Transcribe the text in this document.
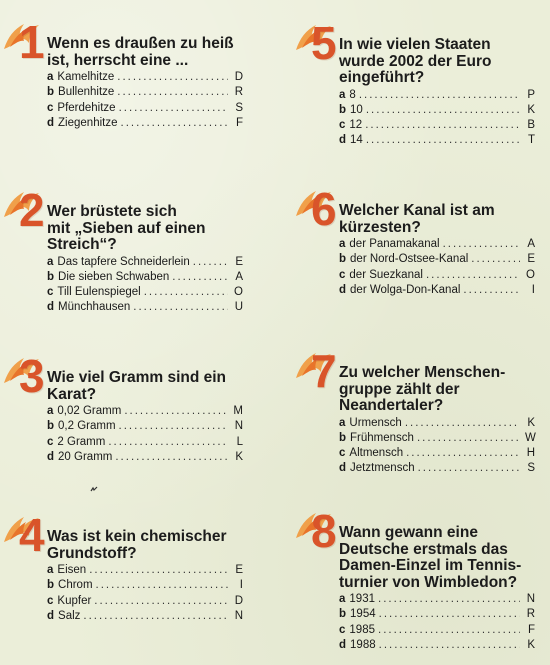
1 Wenn es draußen zu heiß
ist, herrscht eine ...
a Kamelhitze .....	D
b Bullenhitze .....	R
c Pferdehitze .....	S
d Ziegenhitze .....	F
2 Wer brüstete sich
mit „Sieben auf einen
Streich“?
a Das tapfere Schneiderlein .....	E
b Die sieben Schwaben .....	A
c Till Eulenspiegel .....	O
d Münchhausen .....	U
3 Wie viel Gramm sind ein
Karat?
a 0,02 Gramm .....	M
b 0,2 Gramm .....	N
c 2 Gramm .....	L
d 20 Gramm .....	K
4 Was ist kein chemischer
Grundstoff?
a Eisen .....	E
b Chrom .....	I
c Kupfer .....	D
d Salz .....	N
5 In wie vielen Staaten
wurde 2002 der Euro
eingeführt?
a 8 .....	P
b 10 .....	K
c 12 .....	B
d 14 .....	T
6 Welcher Kanal ist am
kürzesten?
a der Panamakanal .....	A
b der Nord-Ostsee-Kanal .....	E
c der Suezkanal .....	O
d der Wolga-Don-Kanal .....	I
7 Zu welcher Menschen-
gruppe zählt der
Neandertaler?
a Urmensch .....	K
b Frühmensch .....	W
c Altmensch .....	H
d Jetztmensch .....	S
8 Wann gewann eine
Deutsche erstmals das
Damen-Einzel im Tennis-
turnier von Wimbledon?
a 1931 .....	N
b 1954 .....	R
c 1985 .....	F
d 1988 .....	K
